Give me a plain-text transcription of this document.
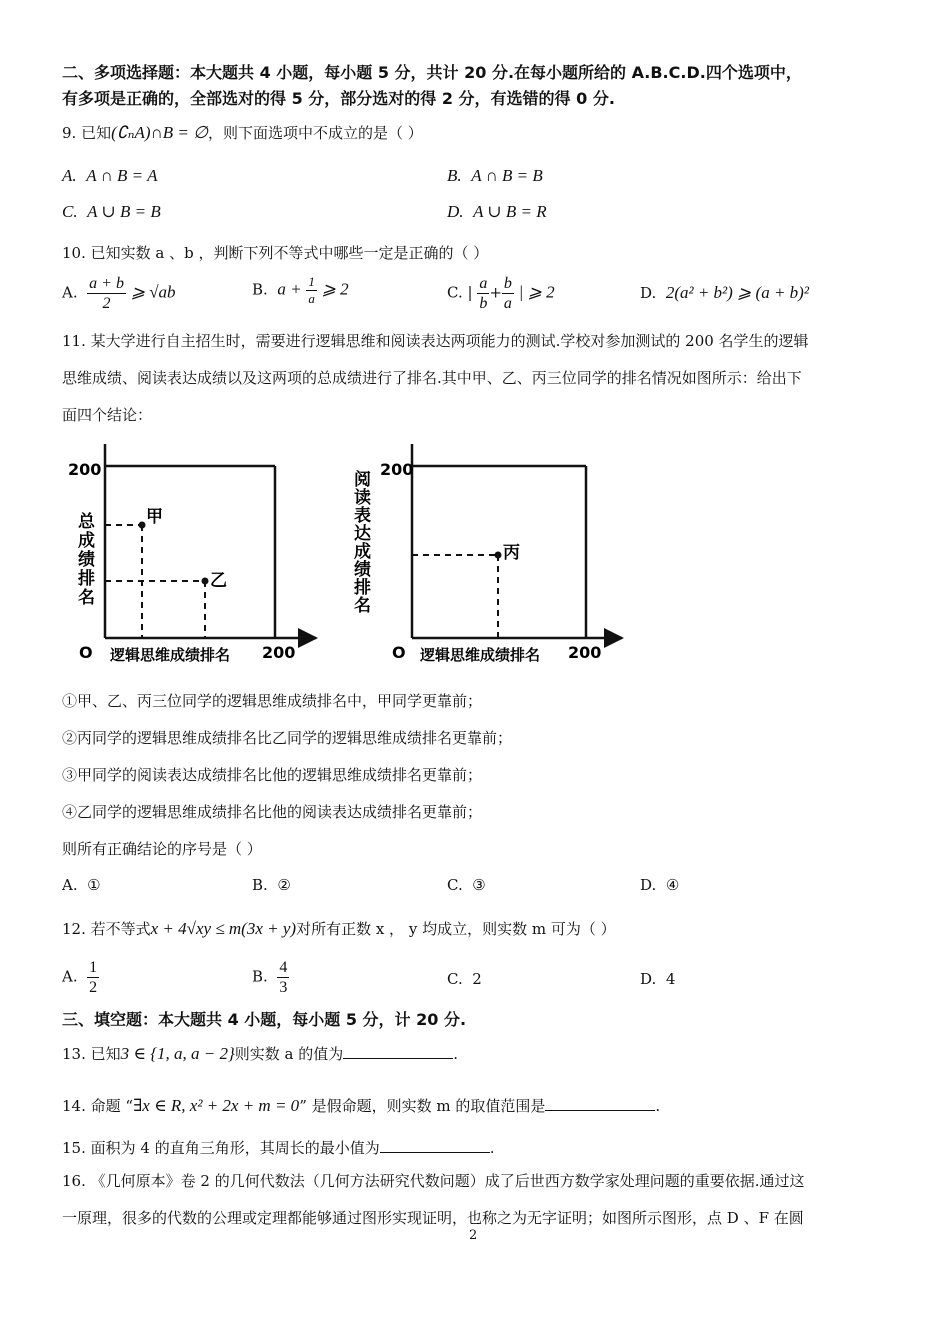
二、多项选择题：本大题共 4 小题，每小题 5 分，共计 20 分.在每小题所给的 A.B.C.D.四个选项中，
有多项是正确的，全部选对的得 5 分，部分选对的得 2 分，有选错的得 0 分.
9. 已知(∁ₙA)∩B = ∅，则下面选项中不成立的是（ ）
A. A ∩ B = A	B. A ∩ B = B
C. A ∪ B = B	D. A ∪ B = R
10. 已知实数 a 、b ，判断下列不等式中哪些一定是正确的（ ）
A. $\frac{a + b}{2}$ ⩾ √ab	B. $a + \frac{1}{a}$ ⩾ 2	C. | $\frac{a}{b} + \frac{b}{a}$ | ⩾ 2	D. 2(a² + b²) ⩾ (a + b)²
11. 某大学进行自主招生时，需要进行逻辑思维和阅读表达两项能力的测试.学校对参加测试的 200 名学生的逻辑
思维成绩、阅读表达成绩以及这两项的总成绩进行了排名.其中甲、乙、丙三位同学的排名情况如图所示：给出下
面四个结论：
200
甲
乙
O 逻辑思维成绩排名 200
总成绩排名
200
丙
O 逻辑思维成绩排名 200
阅读表达成绩排名
①甲、乙、丙三位同学的逻辑思维成绩排名中，甲同学更靠前；
②丙同学的逻辑思维成绩排名比乙同学的逻辑思维成绩排名更靠前；
③甲同学的阅读表达成绩排名比他的逻辑思维成绩排名更靠前；
④乙同学的逻辑思维成绩排名比他的阅读表达成绩排名更靠前；
则所有正确结论的序号是（ ）
A. ①	B. ②	C. ③	D. ④
12. 若不等式x + 4√xy ≤ m(3x + y)对所有正数 x ， y 均成立，则实数 m 可为（ ）
A. $\frac{1}{2}$	B. $\frac{4}{3}$	C. 2	D. 4
三、填空题：本大题共 4 小题，每小题 5 分，计 20 分.
13. 已知3 ∈ {1, a, a − 2}则实数 a 的值为	.
14. 命题 “∃x ∈ R, x² + 2x + m = 0” 是假命题，则实数 m 的取值范围是	.
15. 面积为 4 的直角三角形，其周长的最小值为	.
16. 《几何原本》卷 2 的几何代数法（几何方法研究代数问题）成了后世西方数学家处理问题的重要依据.通过这
一原理，很多的代数的公理或定理都能够通过图形实现证明，也称之为无字证明；如图所示图形，点 D 、F 在圆
2
